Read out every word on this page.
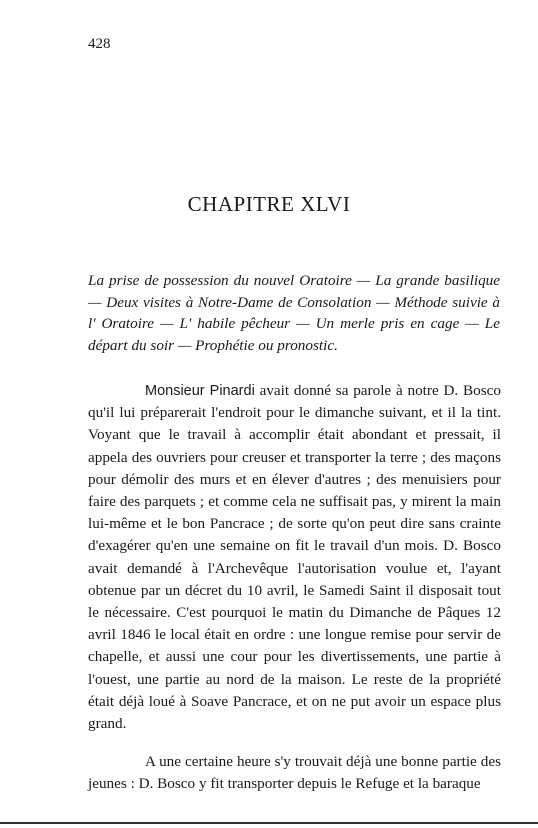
428
CHAPITRE XLVI

La prise de possession du nouvel Oratoire — La grande basilique — Deux visites à Notre-Dame de Consolation — Méthode suivie à l' Oratoire — L' habile pêcheur — Un merle pris en cage — Le départ du soir — Prophétie ou pronostic.

Monsieur Pinardi avait donné sa parole à notre D. Bosco qu'il lui préparerait l'endroit pour le dimanche suivant, et il la tint. Voyant que le travail à accomplir était abondant et pressait, il appela des ouvriers pour creuser et transporter la terre ; des maçons pour démolir des murs et en élever d'autres ; des menuisiers pour faire des parquets ; et comme cela ne suffisait pas, y mirent la main lui-même et le bon Pancrace ; de sorte qu'on peut dire sans crainte d'exagérer qu'en une semaine on fit le travail d'un mois. D. Bosco avait demandé à l'Archevêque l'autorisation voulue et, l'ayant obtenue par un décret du 10 avril, le Samedi Saint il disposait tout le nécessaire. C'est pourquoi le matin du Dimanche de Pâques 12 avril 1846 le local était en ordre : une longue remise pour servir de chapelle, et aussi une cour pour les divertissements, une partie à l'ouest, une partie au nord de la maison. Le reste de la propriété était déjà loué à Soave Pancrace, et on ne put avoir un espace plus grand.

A une certaine heure s'y trouvait déjà une bonne partie des jeunes : D. Bosco y fit transporter depuis le Refuge et la baraque
